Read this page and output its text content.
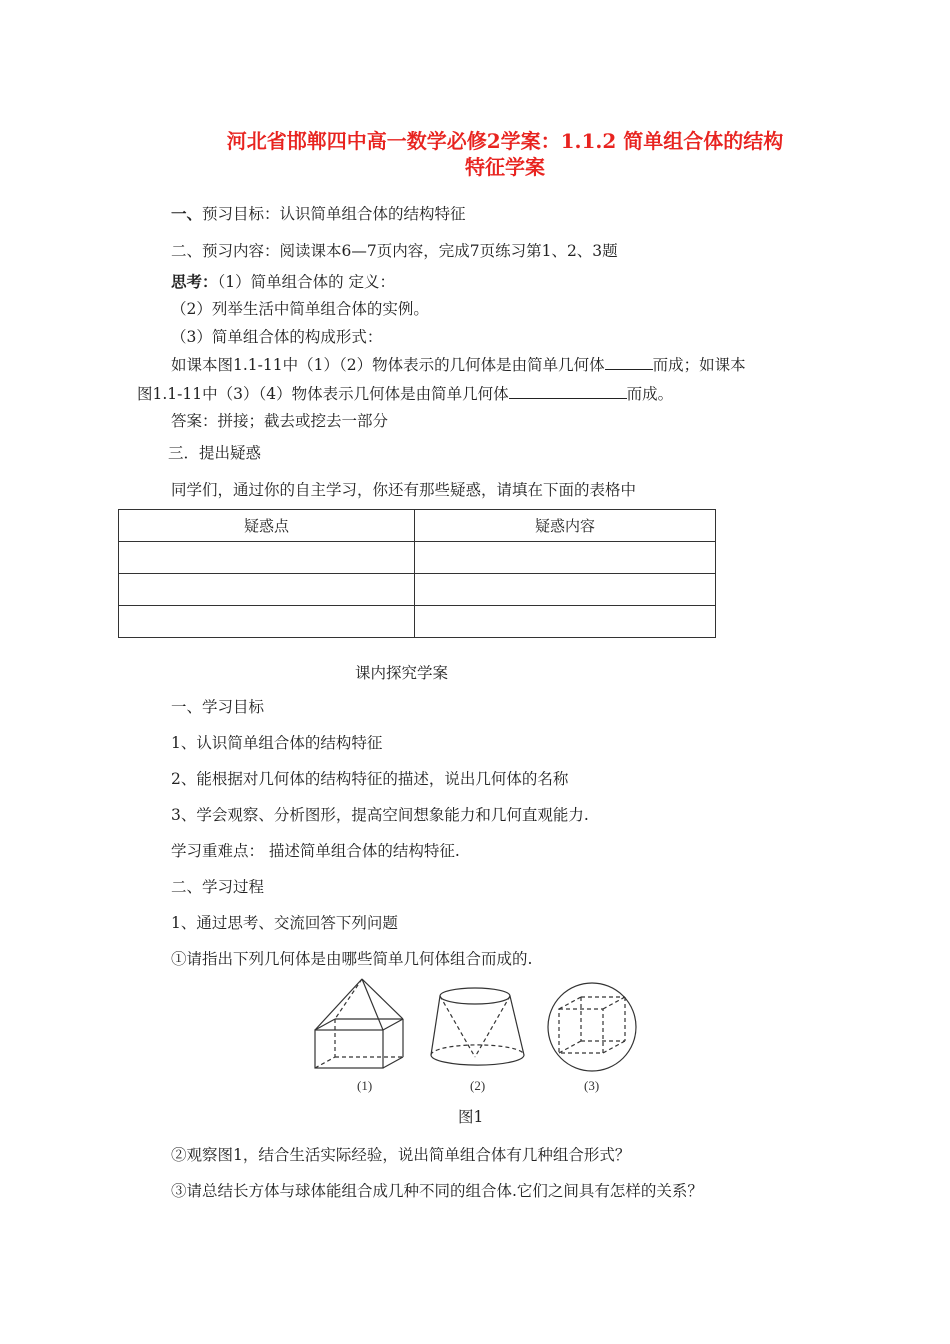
河北省邯郸四中高一数学必修2学案：1.1.2 简单组合体的结构
特征学案
一、预习目标：认识简单组合体的结构特征
二、预习内容：阅读课本6—7页内容，完成7页练习第1、2、3题
思考：（1）简单组合体的 定义：
（2）列举生活中简单组合体的实例。
（3）简单组合体的构成形式：
如课本图1.1-11中（1）（2）物体表示的几何体是由简单几何体	而成；如课本
图1.1-11中（3）（4）物体表示几何体是由简单几何体	而成。
答案：拼接；截去或挖去一部分
三．提出疑惑
同学们，通过你的自主学习，你还有那些疑惑，请填在下面的表格中
疑惑点	疑惑内容

课内探究学案
一、学习目标
1、认识简单组合体的结构特征
2、能根据对几何体的结构特征的描述，说出几何体的名称
3、学会观察、分析图形，提高空间想象能力和几何直观能力.
学习重难点： 描述简单组合体的结构特征.
二、学习过程
1、通过思考、交流回答下列问题
①请指出下列几何体是由哪些简单几何体组合而成的.
(1)	(2)	(3)
图1
②观察图1，结合生活实际经验，说出简单组合体有几种组合形式？
③请总结长方体与球体能组合成几种不同的组合体.它们之间具有怎样的关系？
